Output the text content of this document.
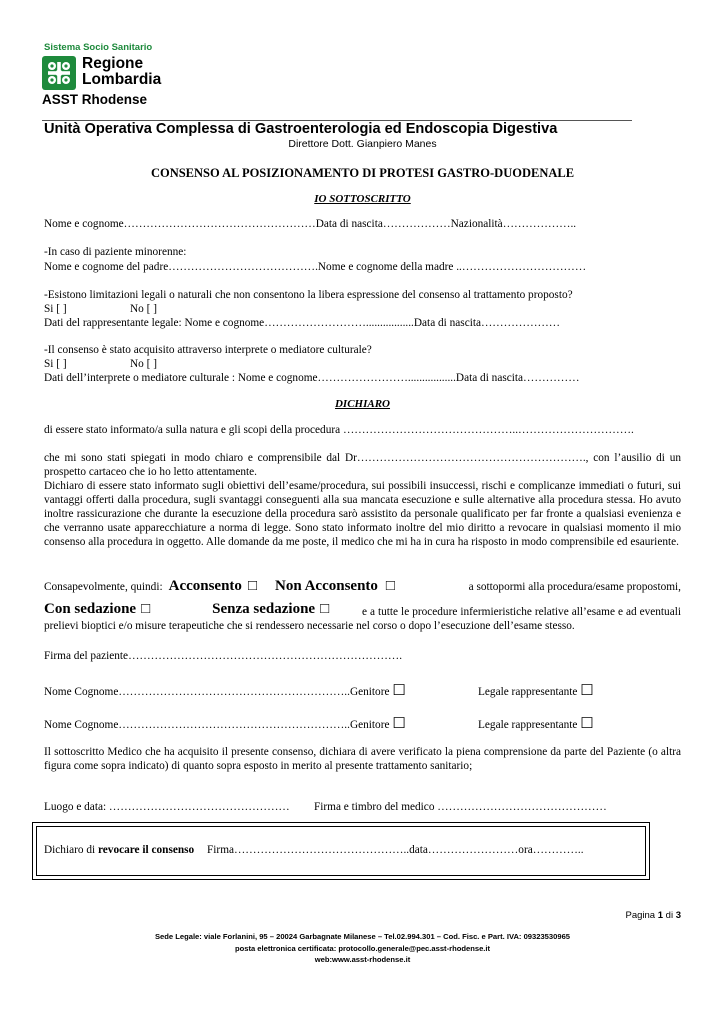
Sistema Socio Sanitario
Regione
Lombardia
ASST Rhodense
Unità Operativa Complessa di Gastroenterologia ed Endoscopia Digestiva
Direttore Dott. Gianpiero Manes
CONSENSO AL POSIZIONAMENTO DI PROTESI GASTRO-DUODENALE
IO SOTTOSCRITTO
Nome e cognome……………………………………………Data di nascita………………Nazionalità………………..
-In caso di paziente minorenne:
Nome e cognome del padre………………………………….Nome e cognome della madre ..……………………………
-Esistono limitazioni legali o naturali che non consentono la libera espressione del consenso al trattamento proposto?
Si [ ]	No [ ]
Dati del rappresentante legale: Nome e cognome……………………….................Data di nascita…………………
-Il consenso è stato acquisito attraverso interprete o mediatore culturale?
Si [ ]	No [ ]
Dati dell’interprete o mediatore culturale : Nome e cognome…………………….................Data di nascita……………
DICHIARO
di essere stato informato/a sulla natura e gli scopi della procedura ………………………………………..………………………….
che mi sono stati spiegati in modo chiaro e comprensibile dal Dr……………………………………………………., con l’ausilio di un prospetto cartaceo che io ho letto attentamente.
Dichiaro di essere stato informato sugli obiettivi dell’esame/procedura, sui possibili insuccessi, rischi e complicanze immediati o futuri, sui vantaggi offerti dalla procedura, sugli svantaggi conseguenti alla sua mancata esecuzione e sulle alternative alla procedura stessa. Ho avuto inoltre rassicurazione che durante la esecuzione della procedura sarò assistito da personale qualificato per far fronte a qualsiasi evenienza e che verranno usate apparecchiature a norma di legge. Sono stato informato inoltre del mio diritto a revocare in qualsiasi momento il mio consenso alla procedura in oggetto. Alle domande da me poste, il medico che mi ha in cura ha risposto in modo comprensibile ed esauriente.
Consapevolmente, quindi: Acconsento □ Non Acconsento □	a sottopormi alla procedura/esame propostomi,
Con sedazione □	Senza sedazione □	e a tutte le procedure infermieristiche relative all’esame e ad eventuali prelievi bioptici e/o misure terapeutiche che si rendessero necessarie nel corso o dopo l’esecuzione dell’esame stesso.
Firma del paziente……………………………………………………………….
Nome Cognome……………………………………………………..Genitore ☐	Legale rappresentante ☐
Nome Cognome……………………………………………………..Genitore ☐	Legale rappresentante ☐
Il sottoscritto Medico che ha acquisito il presente consenso, dichiara di avere verificato la piena comprensione da parte del Paziente (o altra figura come sopra indicato) di quanto sopra esposto in merito al presente trattamento sanitario;
Luogo e data: ………………………………………… Firma e timbro del medico ………………………………………
Dichiaro di revocare il consenso Firma………………………………………..data……………………ora…………..
Pagina 1 di 3
Sede Legale: viale Forlanini, 95 – 20024 Garbagnate Milanese – Tel.02.994.301 – Cod. Fisc. e Part. IVA: 09323530965
posta elettronica certificata: protocollo.generale@pec.asst-rhodense.it
web:www.asst-rhodense.it
